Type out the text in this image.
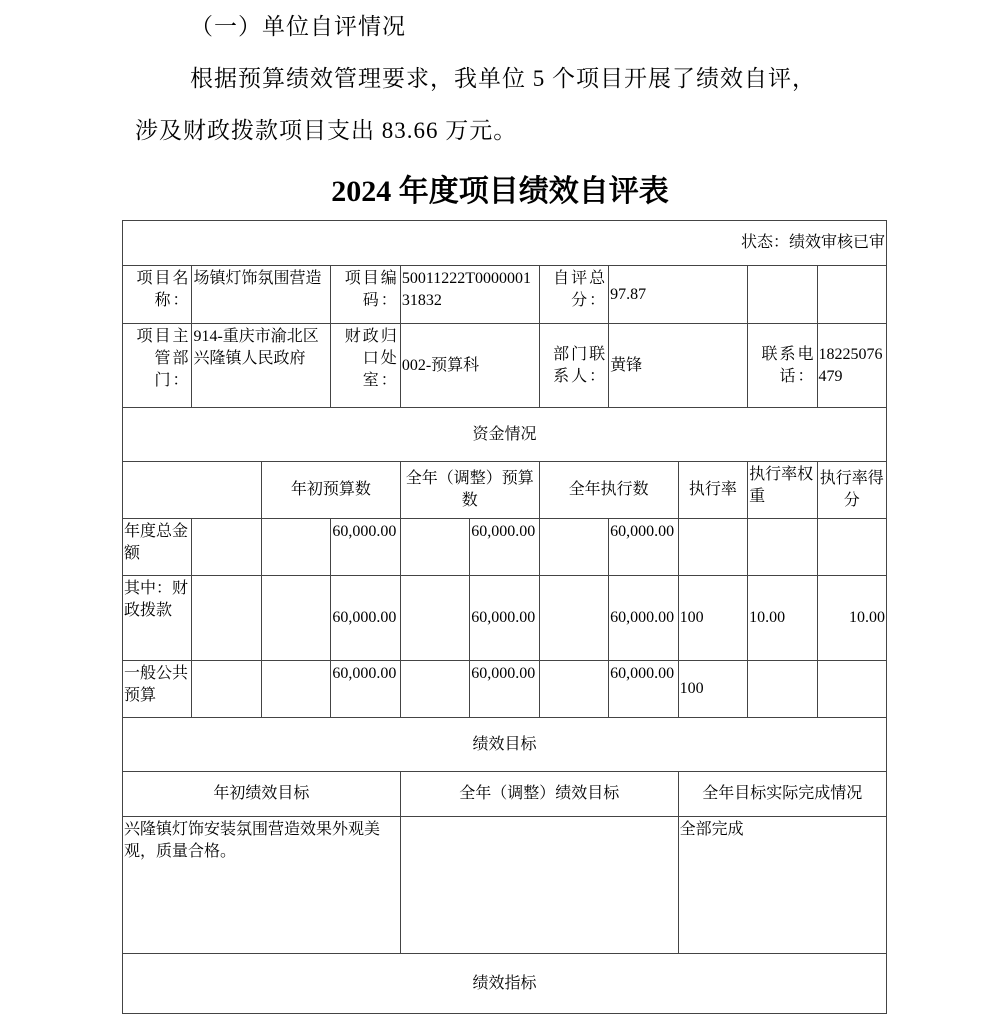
（一）单位自评情况
根据预算绩效管理要求，我单位 5 个项目开展了绩效自评，
涉及财政拨款项目支出 83.66 万元。
2024 年度项目绩效自评表
状态：绩效审核已审										
项目名称：	场镇灯饰氛围营造		项目编码：	50011222T000000131832		自评总分：	97.87			
项目主管部门：	914-重庆市渝北区兴隆镇人民政府		财政归口处室：	002-预算科		部门联系人：	黄锋		联系电话：	18225076479
资金情况										
		年初预算数		全年（调整）预算数		全年执行数		执行率	执行率权重	执行率得分
年度总金额			60,000.00		60,000.00		60,000.00			
其中：财政拨款			60,000.00		60,000.00		60,000.00	100	10.00	10.00
一般公共预算			60,000.00		60,000.00		60,000.00	100		
绩效目标										
年初绩效目标				全年（调整）绩效目标				全年目标实际完成情况		
兴隆镇灯饰安装氛围营造效果外观美观，质量合格。								全部完成		
绩效指标										
